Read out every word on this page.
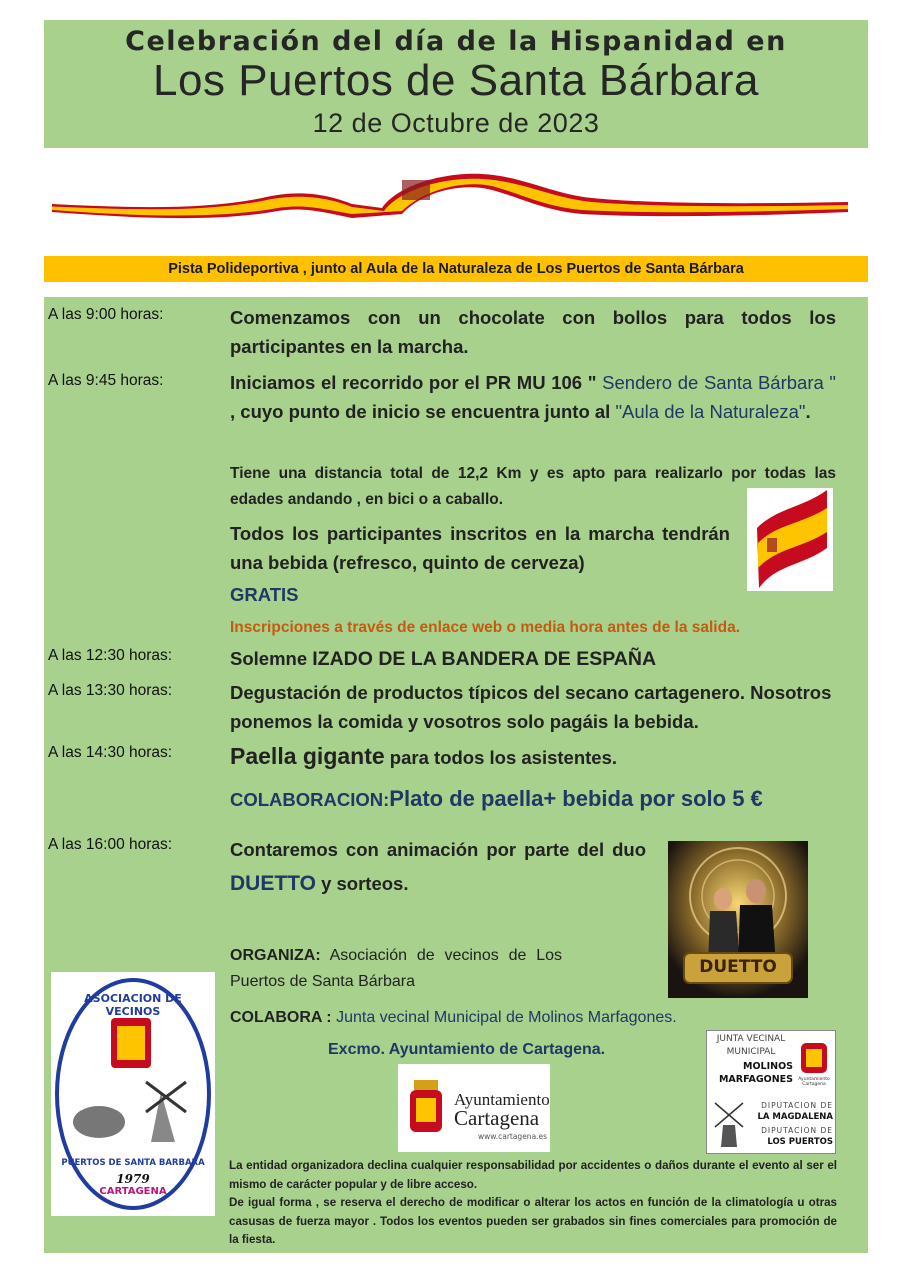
Celebración del día de la Hispanidad en
Los Puertos de Santa Bárbara
12 de Octubre de 2023
Pista Polideportiva , junto al Aula de la Naturaleza de Los Puertos de Santa Bárbara
A las 9:00 horas:	Comenzamos con un chocolate con bollos para todos los participantes en la marcha.
A las 9:45 horas:	Iniciamos el recorrido por el PR MU 106 " Sendero de Santa Bárbara " , cuyo punto de inicio se encuentra junto al "Aula de la Naturaleza".
Tiene una distancia total de 12,2 Km y es apto para realizarlo por todas las edades andando , en bici o a caballo.
Todos los participantes inscritos en la marcha tendrán una bebida (refresco, quinto de cerveza)
GRATIS
Inscripciones a través de enlace web o media hora antes de la salida.
A las 12:30 horas:	Solemne IZADO DE LA BANDERA DE ESPAÑA
A las 13:30 horas:	Degustación de productos típicos del secano cartagenero. Nosotros ponemos la comida y vosotros solo pagáis la bebida.
A las 14:30 horas:	Paella gigante para todos los asistentes.
COLABORACION:Plato de paella+ bebida por solo 5 €
A las 16:00 horas:	Contaremos con animación por parte del duo DUETTO y sorteos.
DUETTO
ORGANIZA: Asociación de vecinos de Los Puertos de Santa Bárbara
COLABORA : Junta vecinal Municipal de Molinos Marfagones.
Excmo. Ayuntamiento de Cartagena.
ASOCIACION DE VECINOS
PUERTOS DE SANTA BARBARA
1979
CARTAGENA
Ayuntamiento
Cartagena
www.cartagena.es
JUNTA VECINAL
MUNICIPAL
MOLINOS
MARFAGONES	Ayuntamiento Cartagena
DIPUTACION DE
LA MAGDALENA
DIPUTACION DE
LOS PUERTOS
La entidad organizadora declina cualquier responsabilidad por accidentes o daños durante el evento al ser el mismo de carácter popular y de libre acceso.
De igual forma , se reserva el derecho de modificar o alterar los actos en función de la climatología u otras casusas de fuerza mayor . Todos los eventos pueden ser grabados sin fines comerciales para promoción de la fiesta.
